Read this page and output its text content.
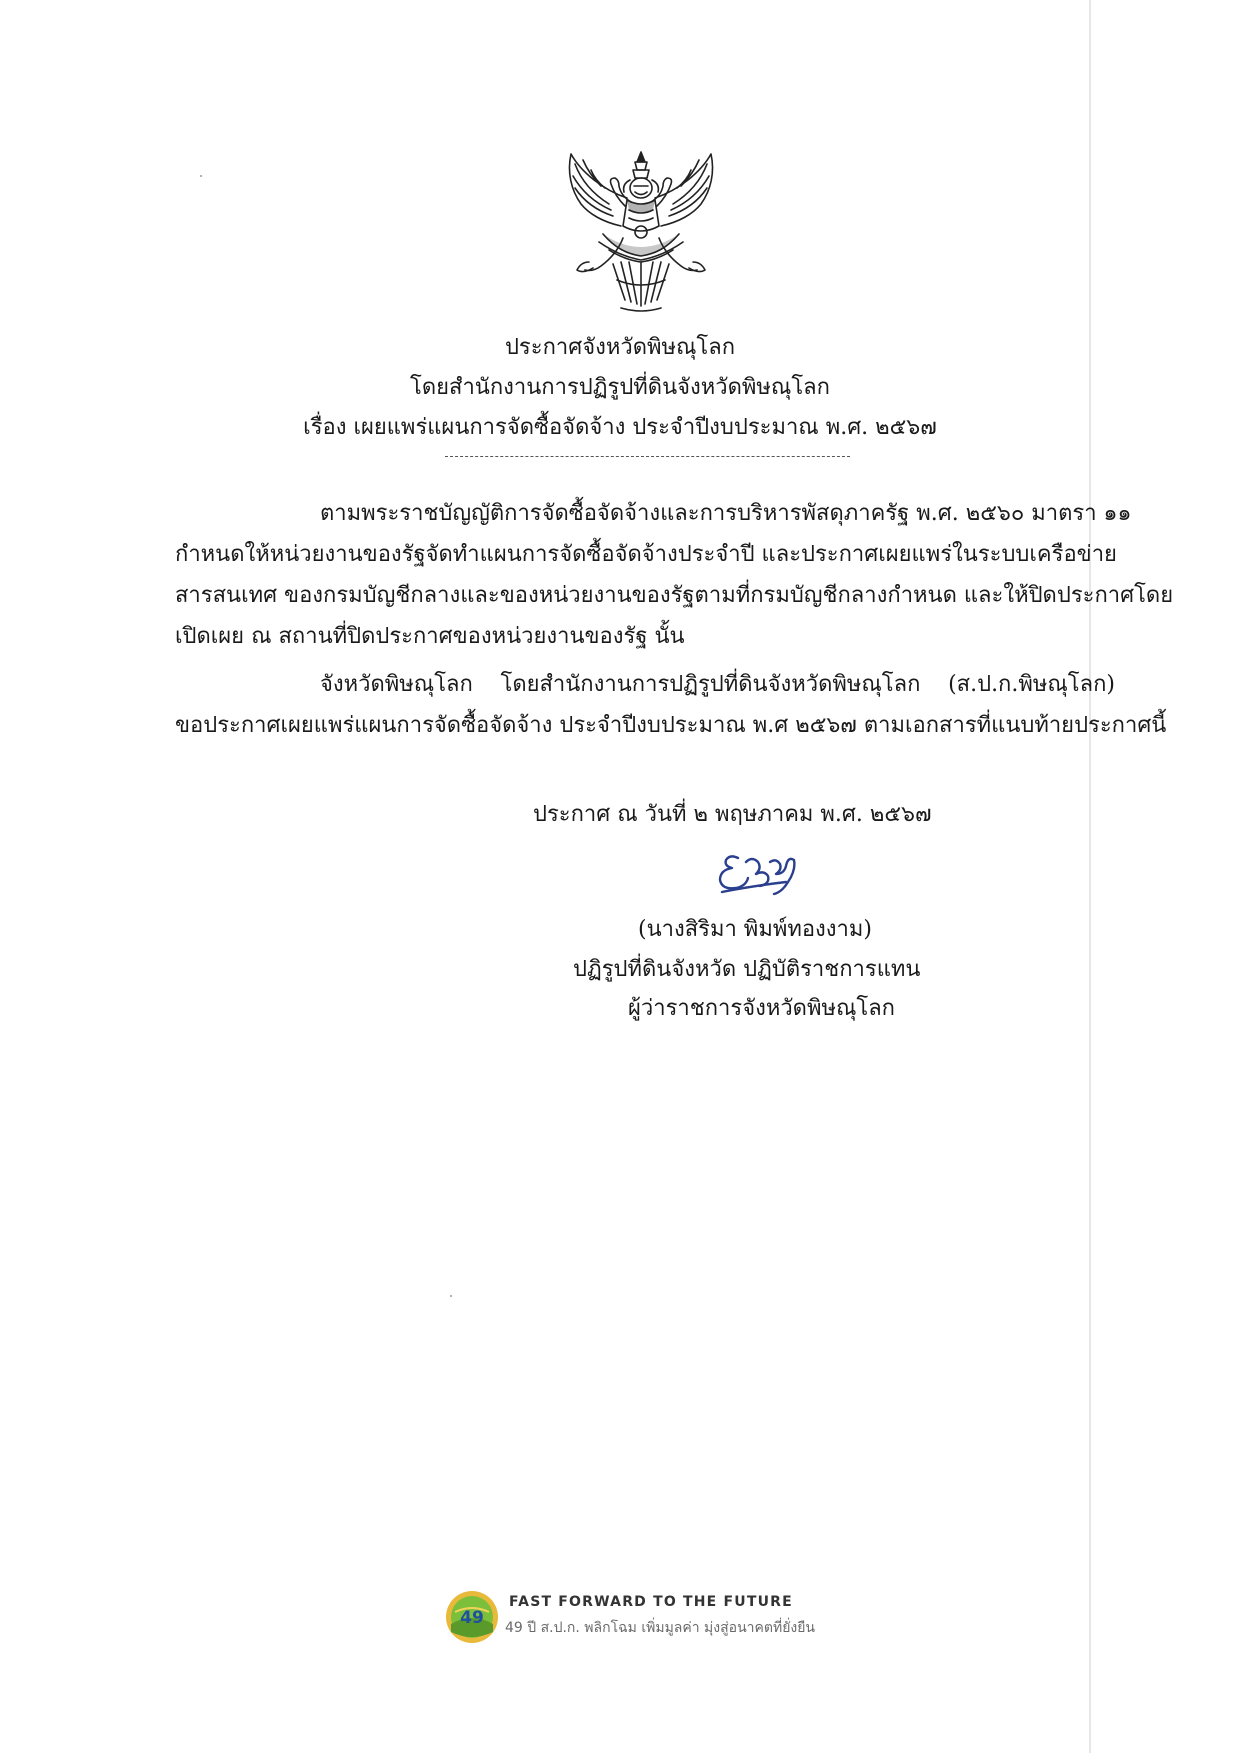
ประกาศจังหวัดพิษณุโลก
โดยสำนักงานการปฏิรูปที่ดินจังหวัดพิษณุโลก
เรื่อง เผยแพร่แผนการจัดซื้อจัดจ้าง ประจำปีงบประมาณ พ.ศ. ๒๕๖๗
ตามพระราชบัญญัติการจัดซื้อจัดจ้างและการบริหารพัสดุภาครัฐ พ.ศ. ๒๕๖๐ มาตรา ๑๑
กำหนดให้หน่วยงานของรัฐจัดทำแผนการจัดซื้อจัดจ้างประจำปี และประกาศเผยแพร่ในระบบเครือข่าย
สารสนเทศ ของกรมบัญชีกลางและของหน่วยงานของรัฐตามที่กรมบัญชีกลางกำหนด และให้ปิดประกาศโดย
เปิดเผย ณ สถานที่ปิดประกาศของหน่วยงานของรัฐ นั้น
จังหวัดพิษณุโลก โดยสำนักงานการปฏิรูปที่ดินจังหวัดพิษณุโลก (ส.ป.ก.พิษณุโลก)
ขอประกาศเผยแพร่แผนการจัดซื้อจัดจ้าง ประจำปีงบประมาณ พ.ศ ๒๕๖๗ ตามเอกสารที่แนบท้ายประกาศนี้
ประกาศ ณ วันที่ ๒ พฤษภาคม พ.ศ. ๒๕๖๗
(นางสิริมา พิมพ์ทองงาม)
ปฏิรูปที่ดินจังหวัด ปฏิบัติราชการแทน
ผู้ว่าราชการจังหวัดพิษณุโลก
49
FAST FORWARD TO THE FUTURE
49 ปี ส.ป.ก. พลิกโฉม เพิ่มมูลค่า มุ่งสู่อนาคตที่ยั่งยืน
